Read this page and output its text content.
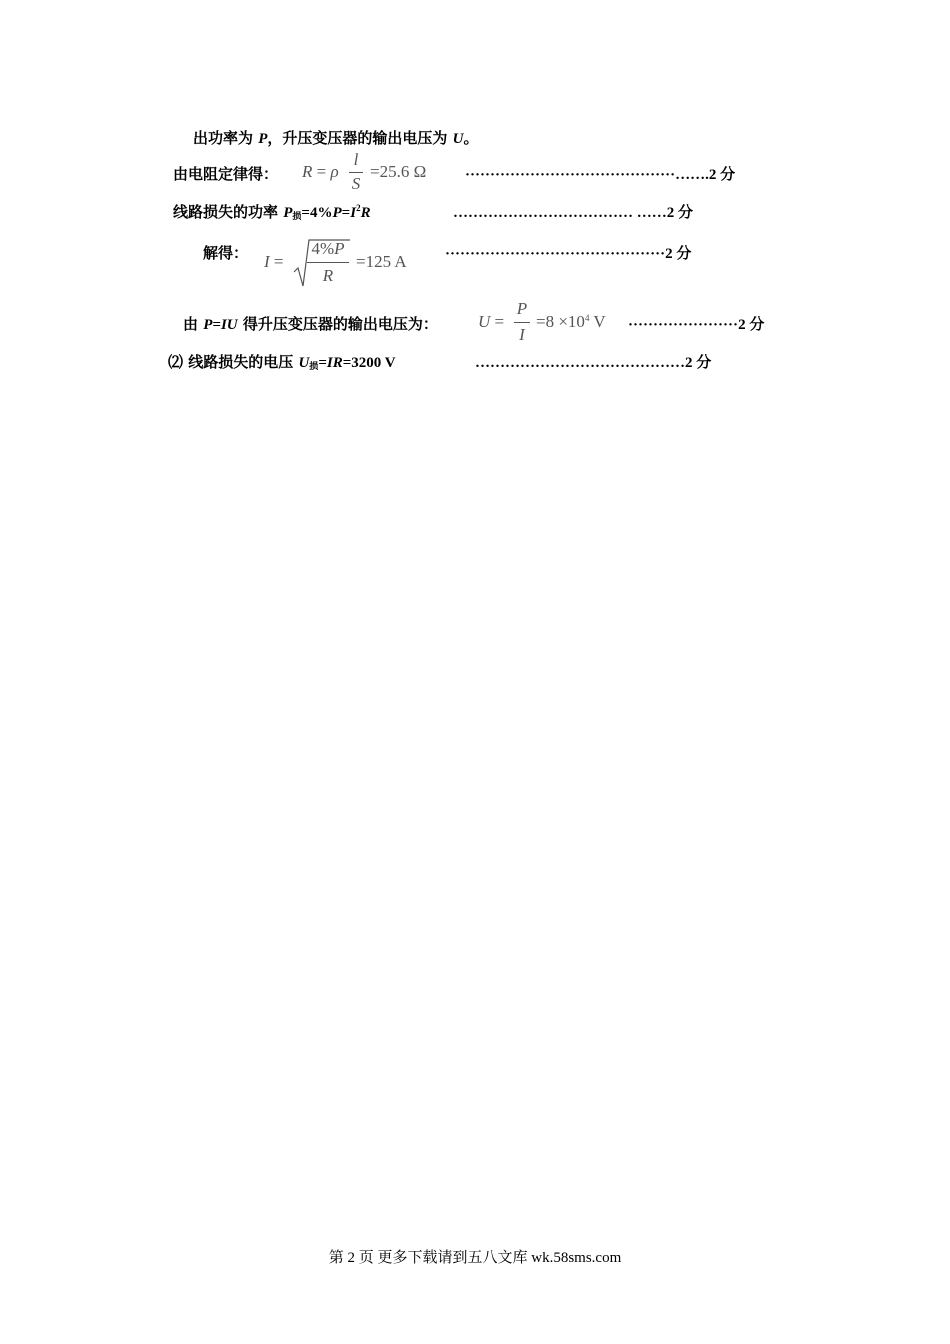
出功率为 P，升压变压器的输出电压为 U。
由电阻定律得： R = ρ
l
S
=25.6 Ω	··········································…….2 分
线路损失的功率 $P_损=4\%P=I^2R$	……………………………… ……2 分
解得： I =
4%P
R
=125 A	············································2 分
由 P=IU 得升压变压器的输出电压为： U =
P
I
$=8 \times 10^4$ V ······················2 分
⑵ 线路损失的电压 $U_损=IR=3200$ V	……………………………………2 分
第 2 页 更多下载请到五八文库 wk.58sms.com
